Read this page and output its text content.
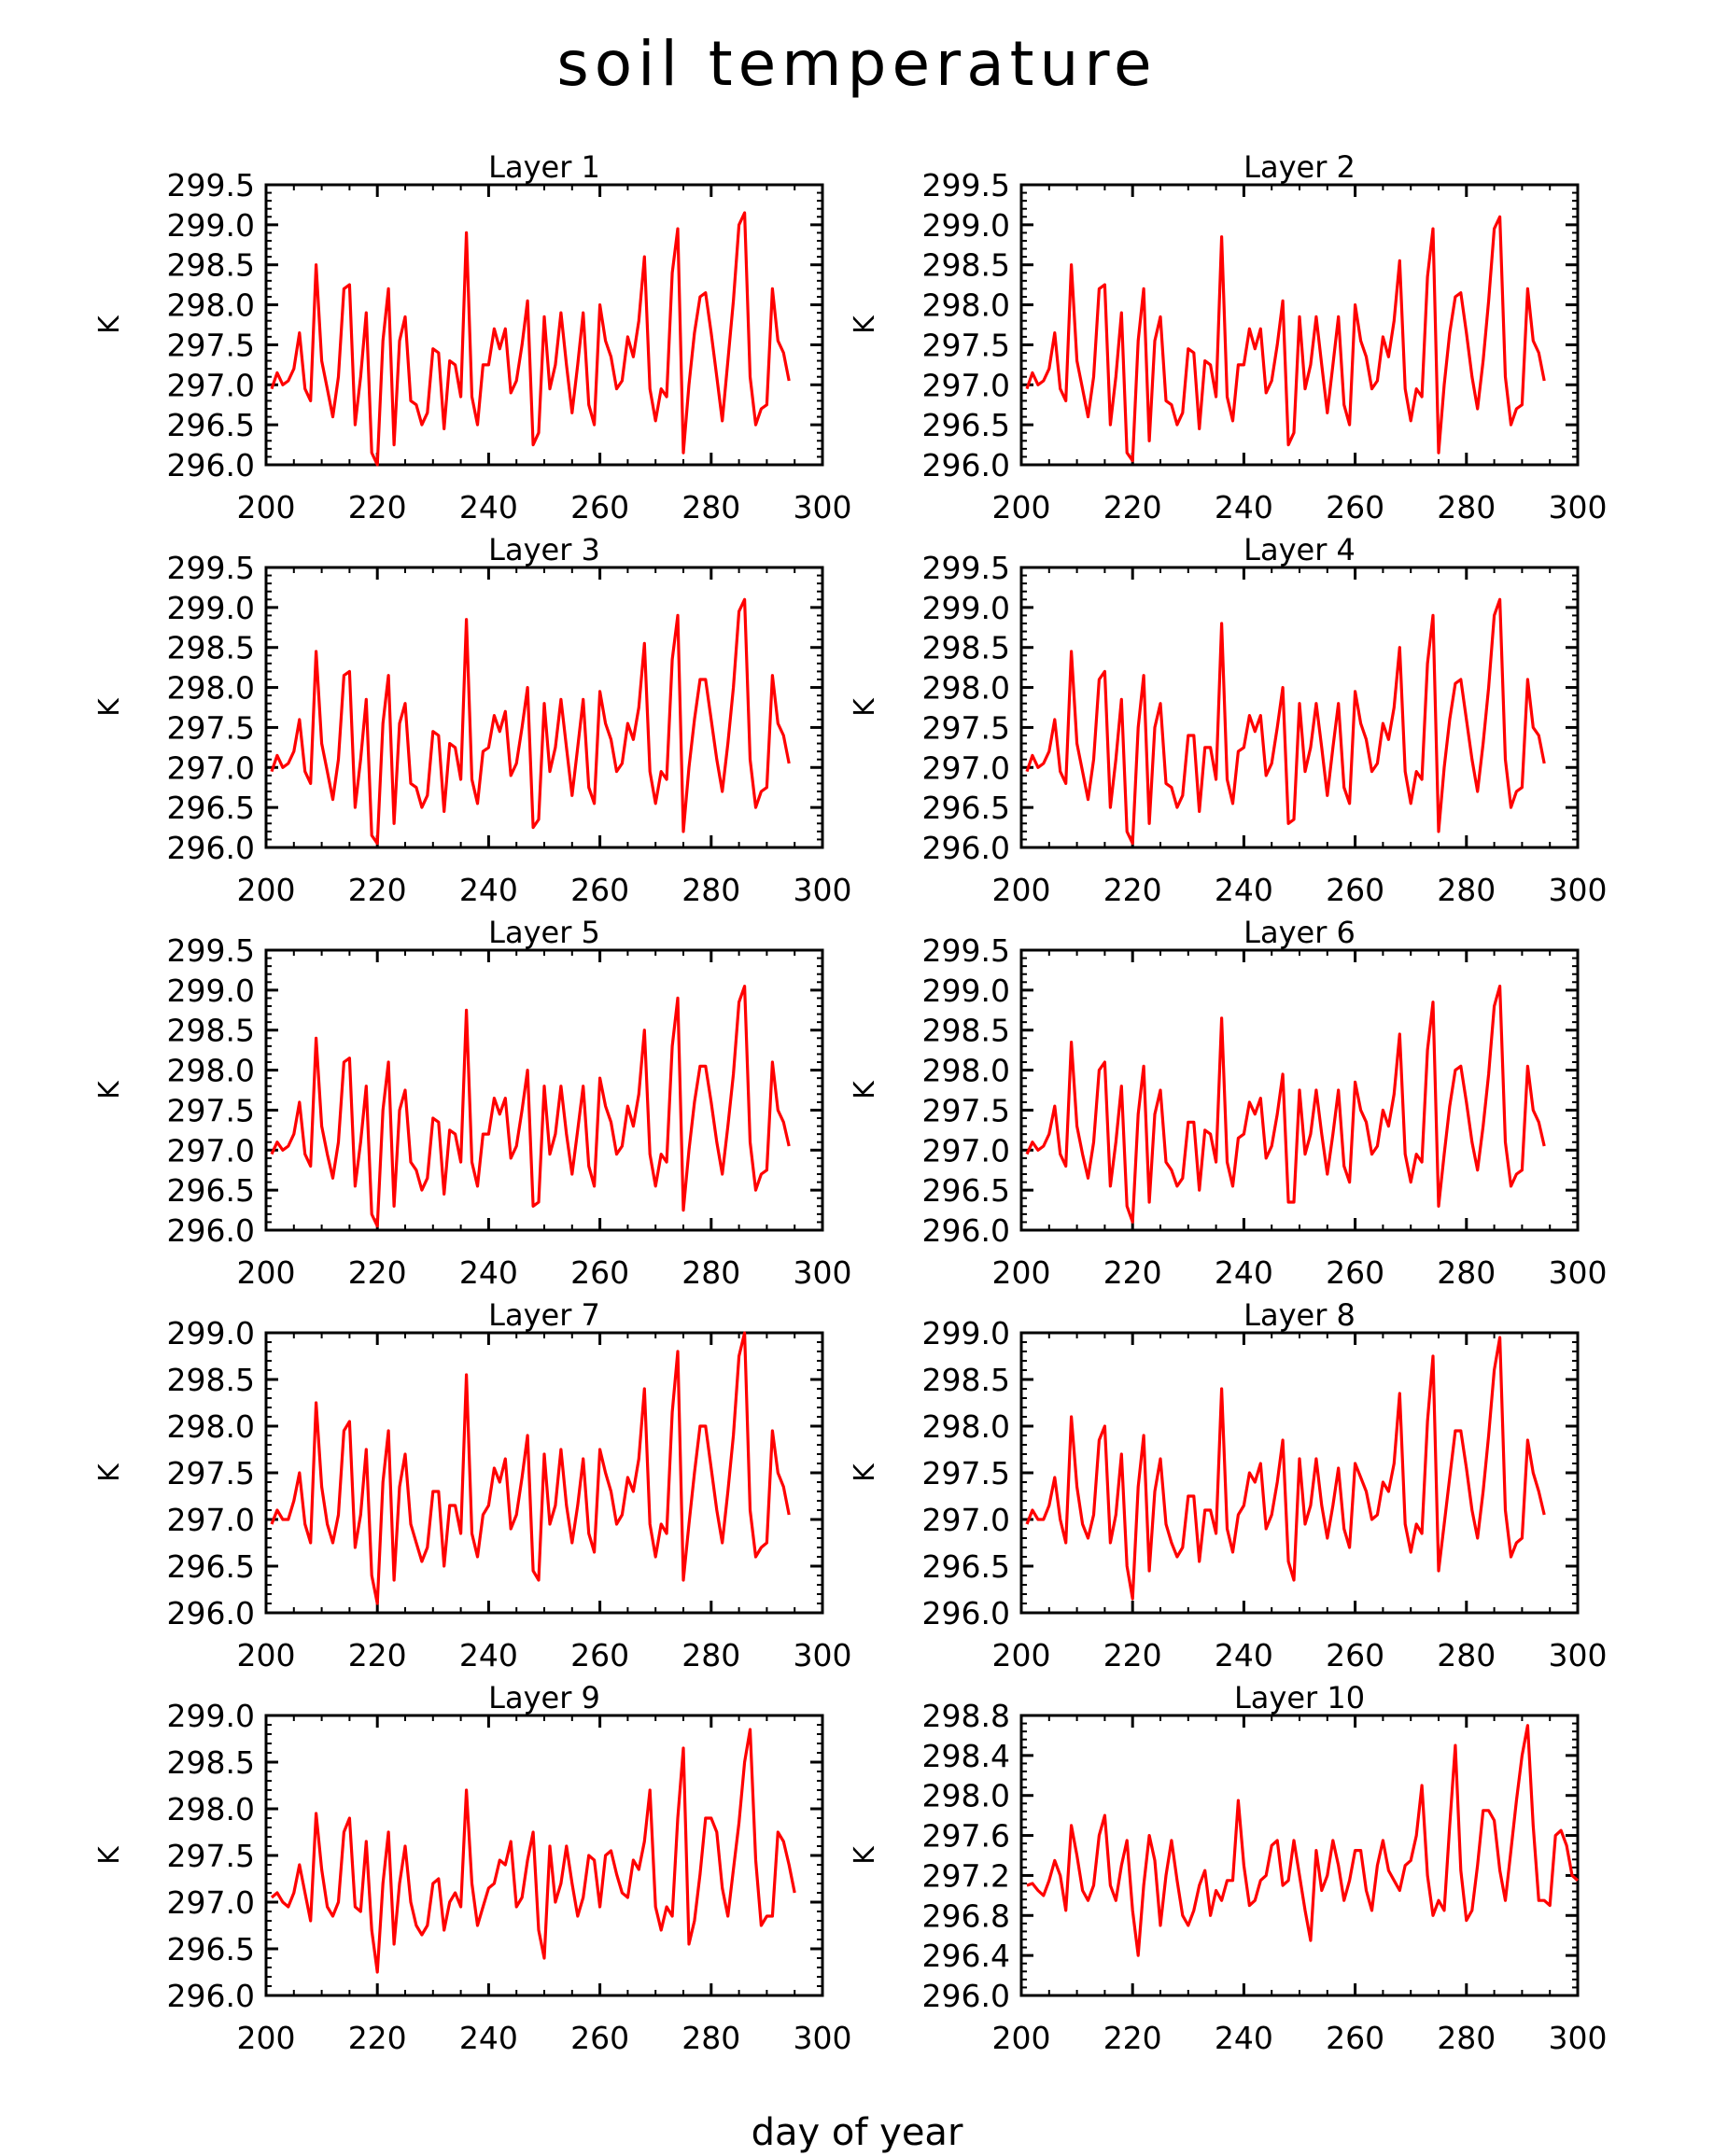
soil temperature
200 220 240 260 280 300
296.0
296.5
297.0
297.5
298.0
298.5
299.0
299.5
K
Layer 1
200 220 240 260 280 300
296.0
296.5
297.0
297.5
298.0
298.5
299.0
299.5
K
Layer 2
200 220 240 260 280 300
296.0
296.5
297.0
297.5
298.0
298.5
299.0
299.5
K
Layer 3
200 220 240 260 280 300
296.0
296.5
297.0
297.5
298.0
298.5
299.0
299.5
K
Layer 4
200 220 240 260 280 300
296.0
296.5
297.0
297.5
298.0
298.5
299.0
299.5
K
Layer 5
200 220 240 260 280 300
296.0
296.5
297.0
297.5
298.0
298.5
299.0
299.5
K
Layer 6
200 220 240 260 280 300
296.0
296.5
297.0
297.5
298.0
298.5
299.0
K
Layer 7
200 220 240 260 280 300
296.0
296.5
297.0
297.5
298.0
298.5
299.0
K
Layer 8
200 220 240 260 280 300
296.0
296.5
297.0
297.5
298.0
298.5
299.0
K
Layer 9
200 220 240 260 280 300
296.0
296.4
296.8
297.2
297.6
298.0
298.4
298.8
K
Layer 10
day of year
